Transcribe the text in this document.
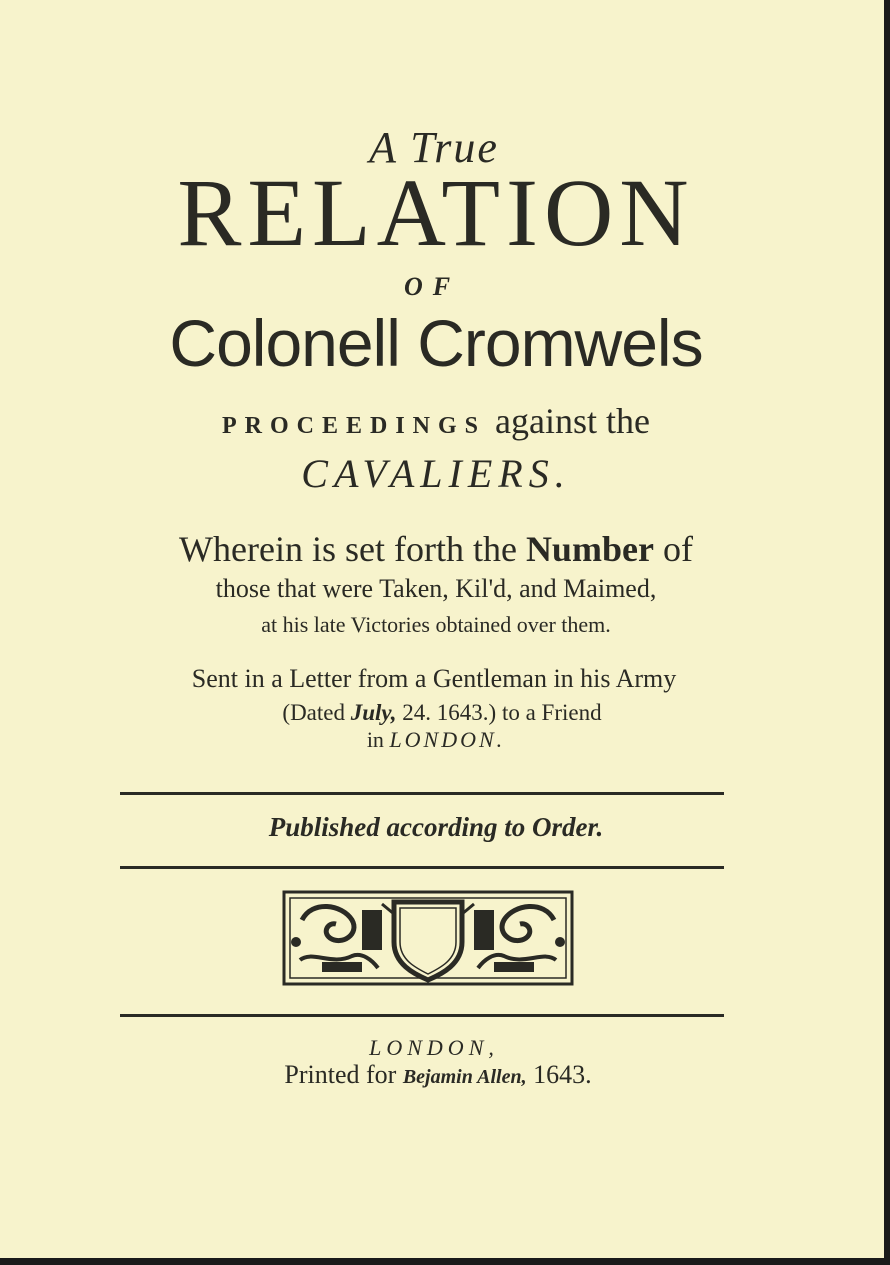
A True
RELATION
OF
Colonell Cromwels
PROCEEDINGS against the
CAVALIERS.
Wherein is set forth the Number of
those that were Taken, Kil'd, and Maimed,
at his late Victories obtained over them.
Sent in a Letter from a Gentleman in his Army
(Dated July, 24. 1643.) to a Friend
in LONDON.
Published according to Order.
LONDON,
Printed for Bejamin Allen, 1643.
